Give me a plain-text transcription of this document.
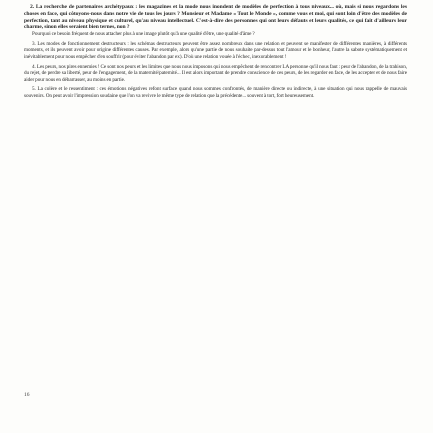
2. La recherche de partenaires archétypaux : les magazines et la mode nous inondent de modèles de perfection à tous niveaux... où, mais si nous regardons les choses en face, qui côtoyons-nous dans notre vie de tous les jours ? Monsieur et Madame « Tout le Monde », comme vous et moi, qui sont loin d'être des modèles de perfection, tant au niveau physique et culturel, qu'au niveau intellectuel. C'est-à-dire des personnes qui ont leurs défauts et leurs qualités, ce qui fait d'ailleurs leur charme, sinon elles seraient bien ternes, non ?

Pourquoi ce besoin fréquent de nous attacher plus à une image plutôt qu'à une qualité d'être, une qualité d'âme ?

3. Les modes de fonctionnement destructeurs : les schémas destructeurs peuvent être assez nombreux dans une relation et peuvent se manifester de différentes manières, à différents moments, et ils peuvent avoir pour origine différentes causes. Par exemple, alors qu'une partie de nous souhaite par-dessus tout l'amour et le bonheur, l'autre la sabote systématiquement et inévitablement pour nous empêcher d'en souffrir (pour éviter l'abandon par ex). D'où une relation vouée à l'échec, inexorablement !

4. Les peurs, nos pires ennemies ! Ce sont nos peurs et les limites que nous nous imposons qui nous empêchent de rencontrer LA personne qu'il nous faut : peur de l'abandon, de la trahison, du rejet, de perdre sa liberté, peur de l'engagement, de la maternité/paternité... Il est alors important de prendre conscience de ces peurs, de les regarder en face, de les accepter et de nous faire aider pour nous en débarrasser, au moins en partie.

5. La colère et le ressentiment : ces émotions négatives refont surface quand nous sommes confrontés, de manière directe ou indirecte, à une situation qui nous rappelle de mauvais souvenirs. On peut avoir l'impression soudaine que l'on va revivre le même type de relation que la précédente... souvent à tort, fort heureusement.

16
